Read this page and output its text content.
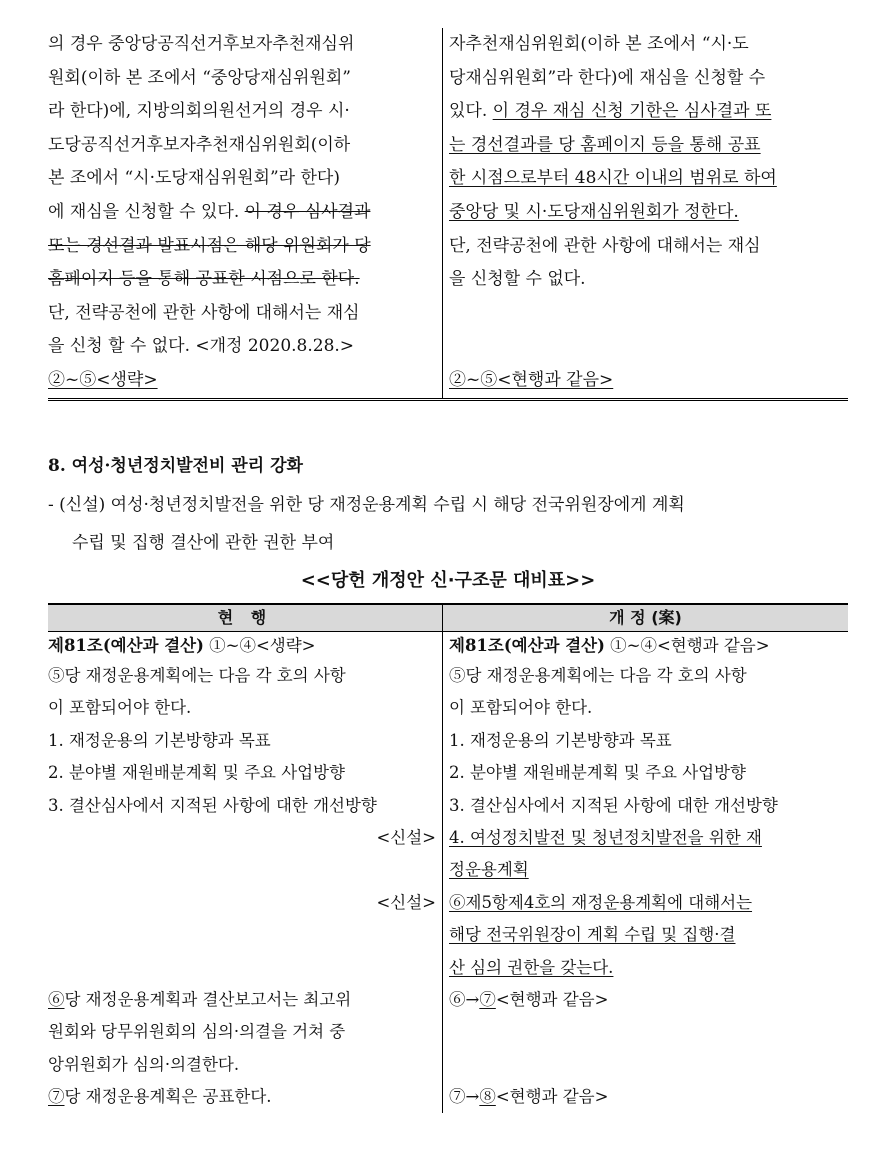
의 경우 중앙당공직선거후보자추천재심위
원회(이하 본 조에서 “중앙당재심위원회”
라 한다)에, 지방의회의원선거의 경우 시·
도당공직선거후보자추천재심위원회(이하
본 조에서 “시·도당재심위원회”라 한다)
에 재심을 신청할 수 있다. 이 경우 심사결과
또는 경선결과 발표시점은 해당 위원회가 당
홈페이지 등을 통해 공표한 시점으로 한다.
단, 전략공천에 관한 사항에 대해서는 재심
을 신청 할 수 없다. <개정 2020.8.28.>
②~⑤<생략>
자추천재심위원회(이하 본 조에서 “시·도
당재심위원회”라 한다)에 재심을 신청할 수
있다. 이 경우 재심 신청 기한은 심사결과 또
는 경선결과를 당 홈페이지 등을 통해 공표
한 시점으로부터 48시간 이내의 범위로 하여
중앙당 및 시·도당재심위원회가 정한다.
단, 전략공천에 관한 사항에 대해서는 재심
을 신청할 수 없다.
②~⑤<현행과 같음>
8. 여성·청년정치발전비 관리 강화
- (신설) 여성·청년정치발전을 위한 당 재정운용계획 수립 시 해당 전국위원장에게 계획
수립 및 집행 결산에 관한 권한 부여
<<당헌 개정안 신·구조문 대비표>>
현 행	개 정 (案)
제81조(예산과 결산) ①~④<생략>
⑤당 재정운용계획에는 다음 각 호의 사항
이 포함되어야 한다.
1. 재정운용의 기본방향과 목표
2. 분야별 재원배분계획 및 주요 사업방향
3. 결산심사에서 지적된 사항에 대한 개선방향
<신설>
<신설>
⑥당 재정운용계획과 결산보고서는 최고위
원회와 당무위원회의 심의·의결을 거쳐 중
앙위원회가 심의·의결한다.
⑦당 재정운용계획은 공표한다.
제81조(예산과 결산) ①~④<현행과 같음>
⑤당 재정운용계획에는 다음 각 호의 사항
이 포함되어야 한다.
1. 재정운용의 기본방향과 목표
2. 분야별 재원배분계획 및 주요 사업방향
3. 결산심사에서 지적된 사항에 대한 개선방향
4. 여성정치발전 및 청년정치발전을 위한 재
정운용계획
⑥제5항제4호의 재정운용계획에 대해서는
해당 전국위원장이 계획 수립 및 집행·결
산 심의 권한을 갖는다.
⑥→⑦<현행과 같음>
⑦→⑧<현행과 같음>
